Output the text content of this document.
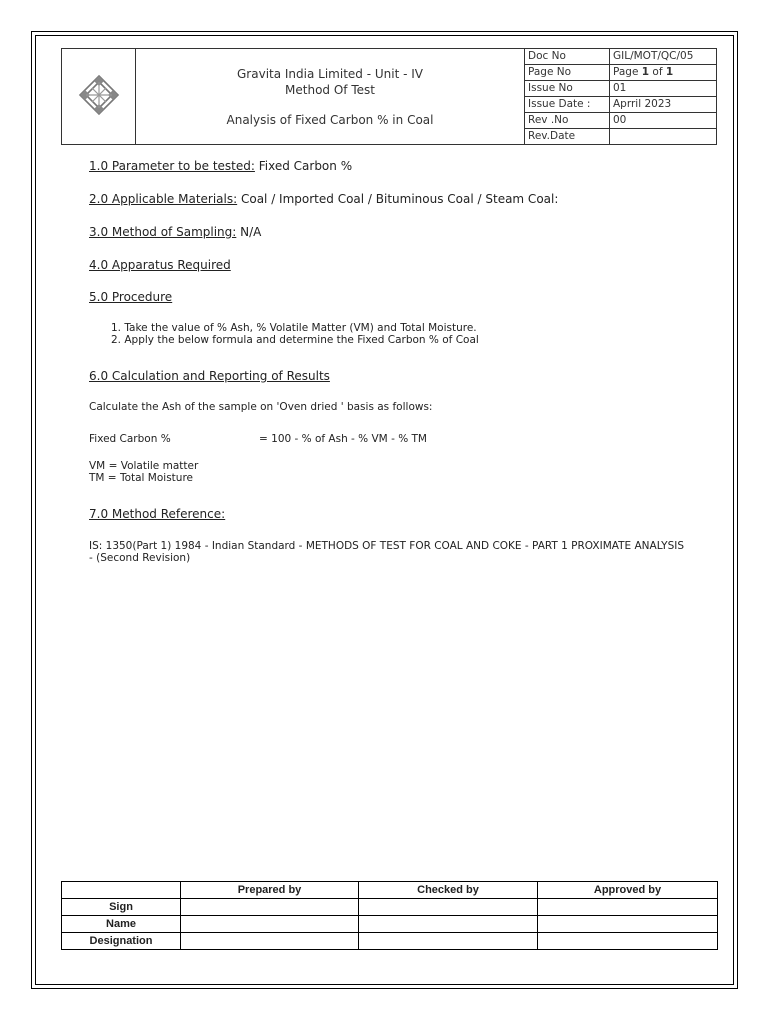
Gravita India Limited - Unit - IV
Method Of Test
Analysis of Fixed Carbon % in Coal	Doc No	GIL/MOT/QC/05
		Page No	Page 1 of 1
		Issue No	01
		Issue Date :	Aprril 2023
		Rev .No	00
		Rev.Date	

1.0 Parameter to be tested: Fixed Carbon %

2.0 Applicable Materials: Coal / Imported Coal / Bituminous Coal / Steam Coal:

3.0 Method of Sampling: N/A

4.0 Apparatus Required

5.0 Procedure

1. Take the value of % Ash, % Volatile Matter (VM) and Total Moisture.
2. Apply the below formula and determine the Fixed Carbon % of Coal

6.0 Calculation and Reporting of Results

Calculate the Ash of the sample on 'Oven dried ' basis as follows:
Fixed Carbon %	= 100 - % of Ash - % VM - % TM
VM = Volatile matter
TM = Total Moisture

7.0 Method Reference:

IS: 1350(Part 1) 1984 - Indian Standard - METHODS OF TEST FOR COAL AND COKE - PART 1 PROXIMATE ANALYSIS - (Second Revision)
	Prepared by	Checked by	Approved by
Sign			
Name			
Designation			
